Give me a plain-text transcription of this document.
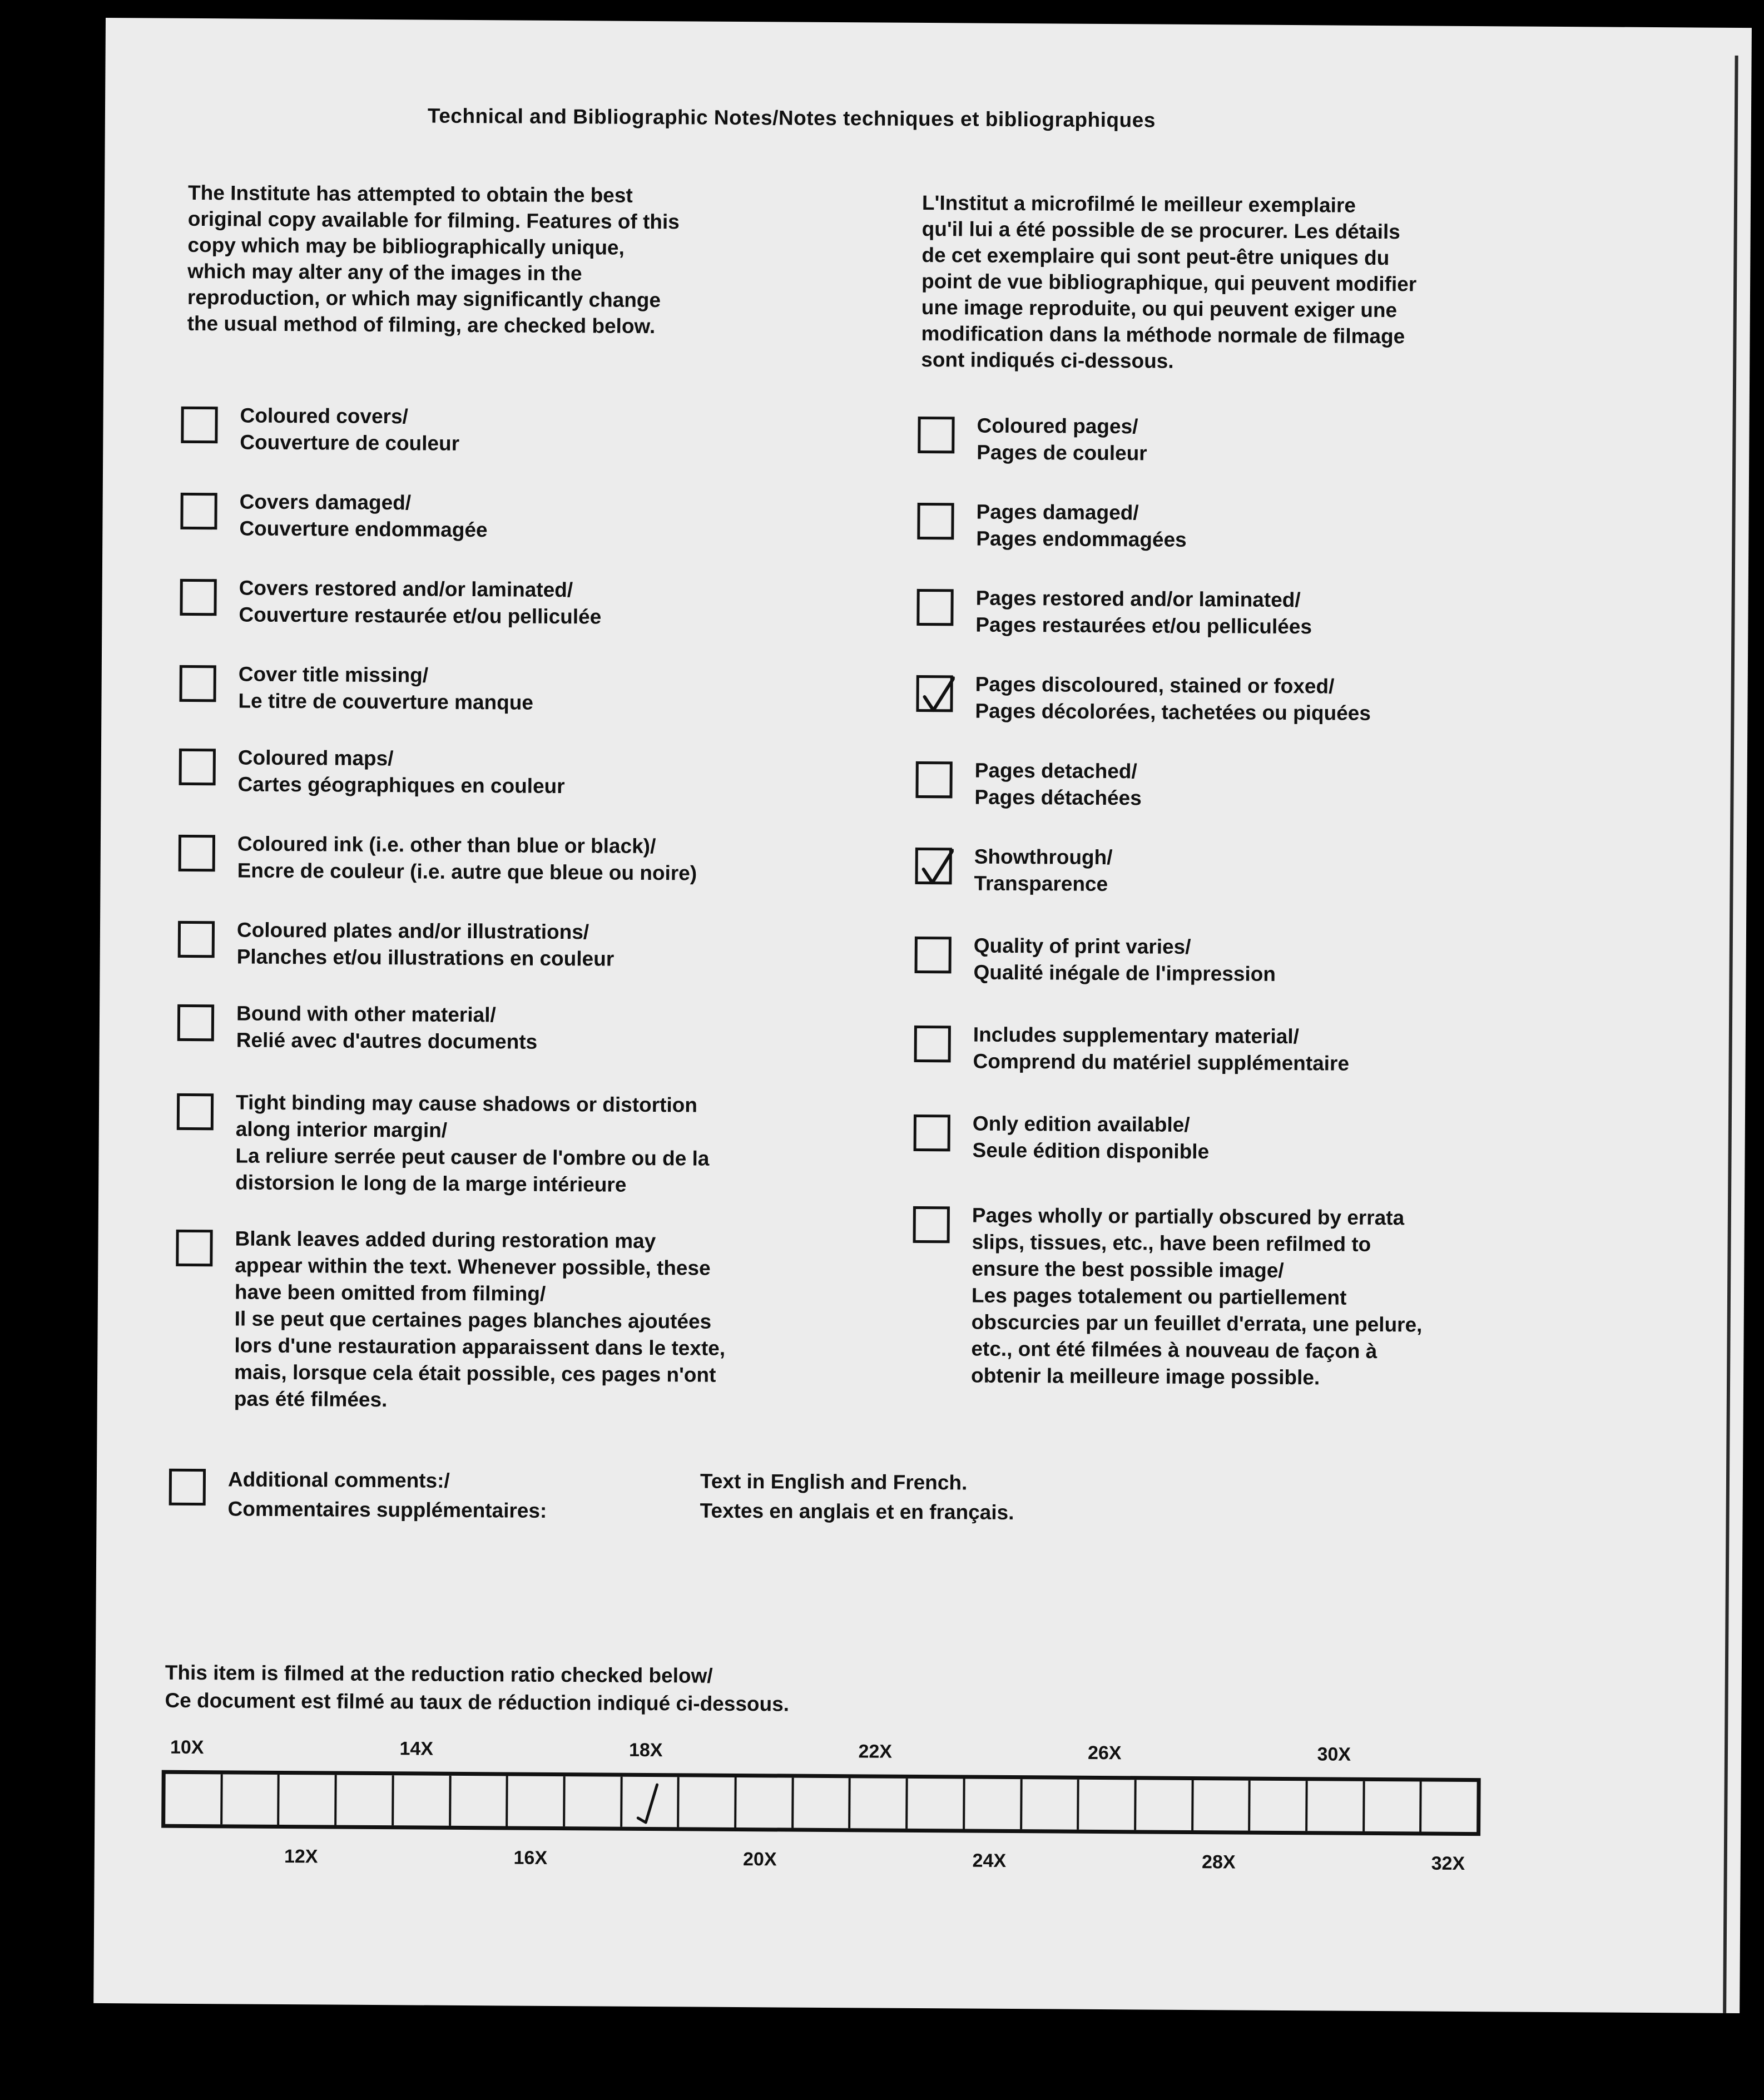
Technical and Bibliographic Notes/Notes techniques et bibliographiques
The Institute has attempted to obtain the best
original copy available for filming. Features of this
copy which may be bibliographically unique,
which may alter any of the images in the
reproduction, or which may significantly change
the usual method of filming, are checked below.
L'Institut a microfilmé le meilleur exemplaire
qu'il lui a été possible de se procurer. Les détails
de cet exemplaire qui sont peut-être uniques du
point de vue bibliographique, qui peuvent modifier
une image reproduite, ou qui peuvent exiger une
modification dans la méthode normale de filmage
sont indiqués ci-dessous.
Coloured covers/
Couverture de couleur
Covers damaged/
Couverture endommagée
Covers restored and/or laminated/
Couverture restaurée et/ou pelliculée
Cover title missing/
Le titre de couverture manque
Coloured maps/
Cartes géographiques en couleur
Coloured ink (i.e. other than blue or black)/
Encre de couleur (i.e. autre que bleue ou noire)
Coloured plates and/or illustrations/
Planches et/ou illustrations en couleur
Bound with other material/
Relié avec d'autres documents
Tight binding may cause shadows or distortion
along interior margin/
La reliure serrée peut causer de l'ombre ou de la
distorsion le long de la marge intérieure
Blank leaves added during restoration may
appear within the text. Whenever possible, these
have been omitted from filming/
Il se peut que certaines pages blanches ajoutées
lors d'une restauration apparaissent dans le texte,
mais, lorsque cela était possible, ces pages n'ont
pas été filmées.
Coloured pages/
Pages de couleur
Pages damaged/
Pages endommagées
Pages restored and/or laminated/
Pages restaurées et/ou pelliculées
Pages discoloured, stained or foxed/
Pages décolorées, tachetées ou piquées
Pages detached/
Pages détachées
Showthrough/
Transparence
Quality of print varies/
Qualité inégale de l'impression
Includes supplementary material/
Comprend du matériel supplémentaire
Only edition available/
Seule édition disponible
Pages wholly or partially obscured by errata
slips, tissues, etc., have been refilmed to
ensure the best possible image/
Les pages totalement ou partiellement
obscurcies par un feuillet d'errata, une pelure,
etc., ont été filmées à nouveau de façon à
obtenir la meilleure image possible.
Additional comments:/
Commentaires supplémentaires:
Text in English and French.
Textes en anglais et en français.
This item is filmed at the reduction ratio checked below/
Ce document est filmé au taux de réduction indiqué ci-dessous.
10X	14X	18X	22X	26X	30X
12X	16X	20X	24X	28X	32X
